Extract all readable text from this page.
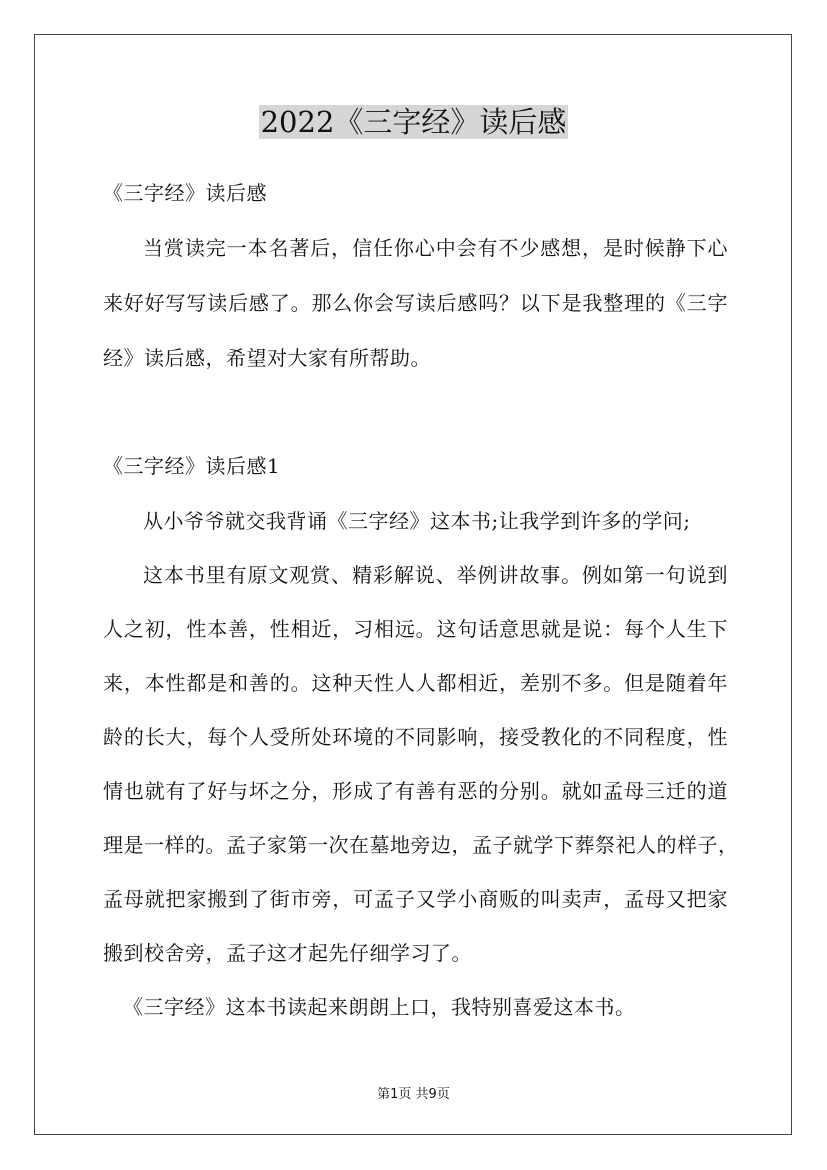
2022《三字经》读后感
《三字经》读后感
当赏读完一本名著后，信任你心中会有不少感想，是时候静下心
来好好写写读后感了。那么你会写读后感吗？以下是我整理的《三字
经》读后感，希望对大家有所帮助。
《三字经》读后感1
从小爷爷就交我背诵《三字经》这本书;让我学到许多的学问;
这本书里有原文观赏、精彩解说、举例讲故事。例如第一句说到
人之初，性本善，性相近，习相远。这句话意思就是说：每个人生下
来，本性都是和善的。这种天性人人都相近，差别不多。但是随着年
龄的长大，每个人受所处环境的不同影响，接受教化的不同程度，性
情也就有了好与坏之分，形成了有善有恶的分别。就如孟母三迁的道
理是一样的。孟子家第一次在墓地旁边，孟子就学下葬祭祀人的样子，
孟母就把家搬到了街市旁，可孟子又学小商贩的叫卖声，孟母又把家
搬到校舍旁，孟子这才起先仔细学习了。
《三字经》这本书读起来朗朗上口，我特别喜爱这本书。
第1页 共9页
